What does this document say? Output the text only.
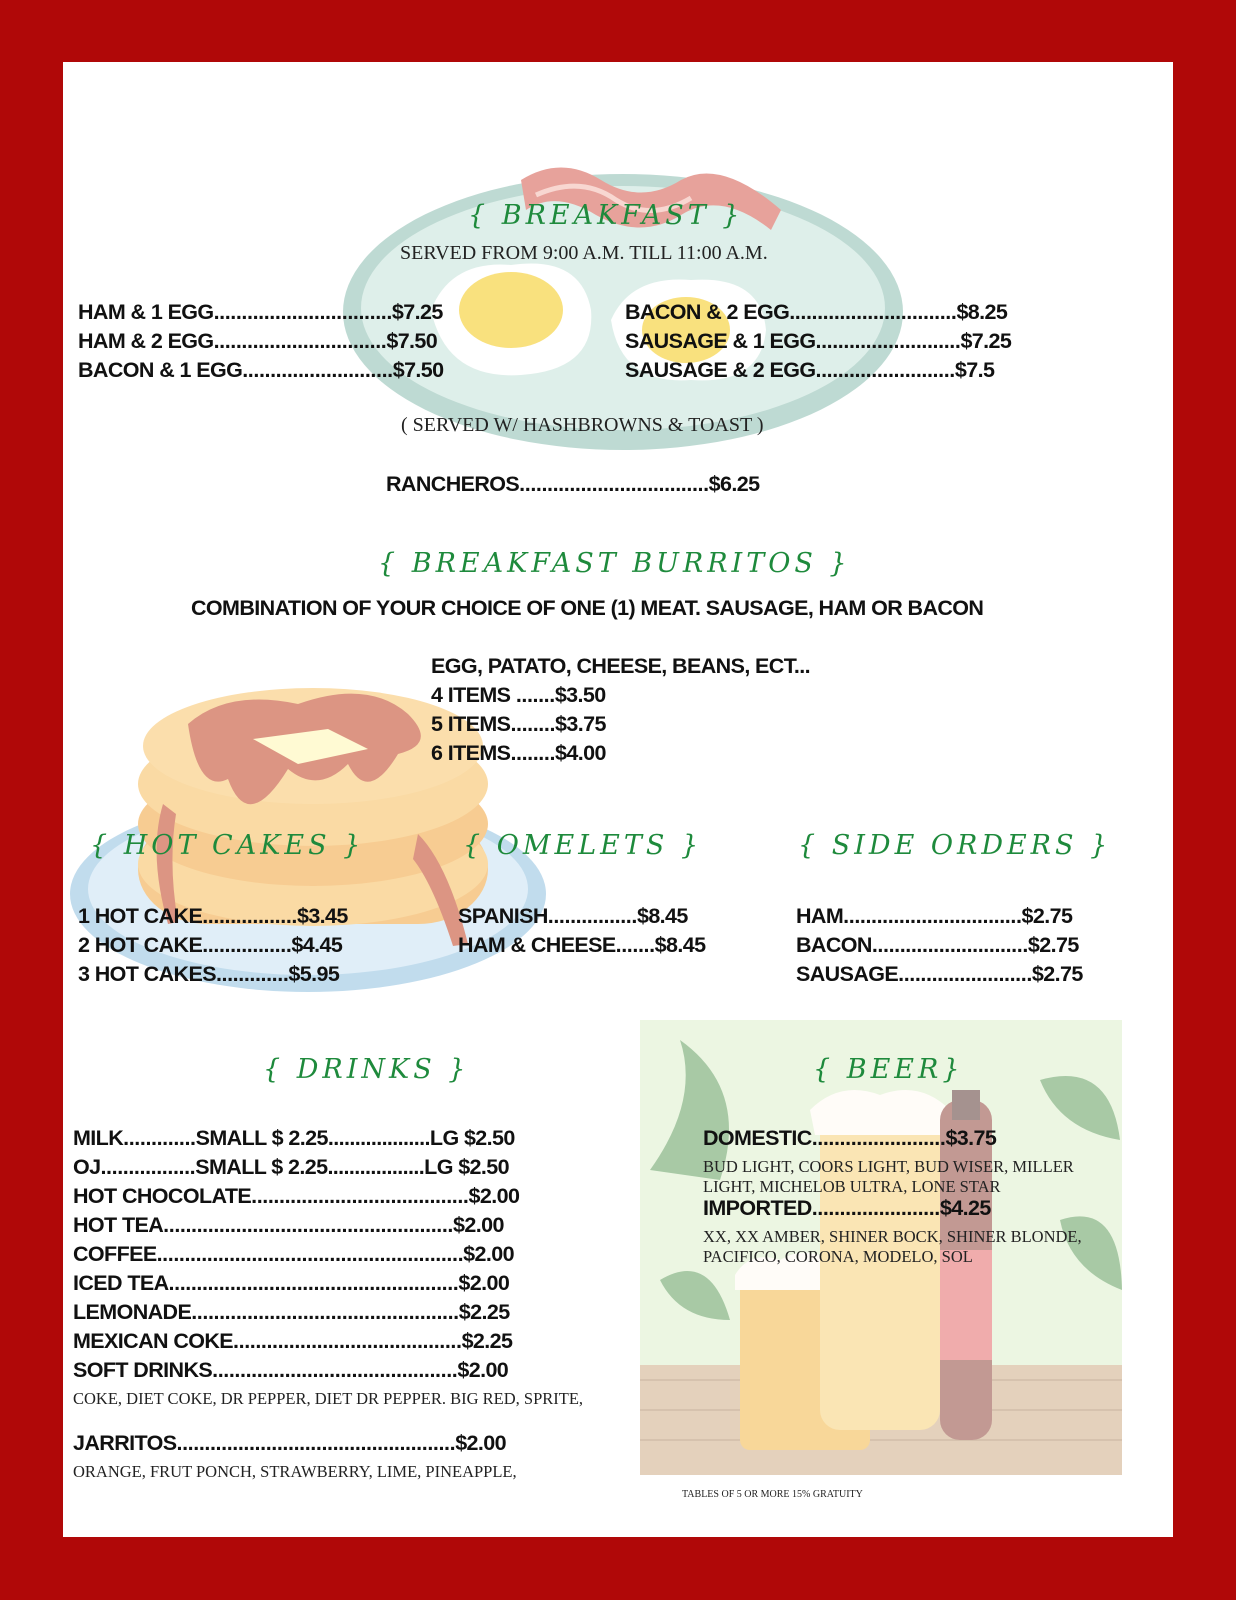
{ BREAKFAST }
SERVED FROM 9:00 A.M. TILL 11:00 A.M.
HAM & 1 EGG................................$7.25
HAM & 2 EGG...............................$7.50
BACON & 1 EGG...........................$7.50
BACON & 2 EGG..............................$8.25
SAUSAGE & 1 EGG..........................$7.25
SAUSAGE & 2 EGG.........................$7.5
( SERVED W/ HASHBROWNS & TOAST )
RANCHEROS..................................$6.25
{ BREAKFAST BURRITOS }
COMBINATION OF YOUR CHOICE OF ONE (1) MEAT. SAUSAGE, HAM OR BACON
EGG, PATATO, CHEESE, BEANS, ECT...
4 ITEMS .......$3.50
5 ITEMS........$3.75
6 ITEMS........$4.00
{ HOT CAKES }
1 HOT CAKE.................$3.45
2 HOT CAKE................$4.45
3 HOT CAKES.............$5.95
{ OMELETS }
SPANISH................$8.45
HAM & CHEESE.......$8.45
{ SIDE ORDERS }
HAM................................$2.75
BACON............................$2.75
SAUSAGE........................$2.75
{ DRINKS }
MILK.............SMALL $ 2.25...................LG $2.50
OJ.................SMALL $ 2.25..................LG $2.50
HOT CHOCOLATE.......................................$2.00
HOT TEA....................................................$2.00
COFFEE.......................................................$2.00
ICED TEA....................................................$2.00
LEMONADE................................................$2.25
MEXICAN COKE.........................................$2.25
SOFT DRINKS............................................$2.00
COKE, DIET COKE, DR PEPPER, DIET DR PEPPER. BIG RED, SPRITE,
JARRITOS..................................................$2.00
ORANGE, FRUT PONCH, STRAWBERRY, LIME, PINEAPPLE,
{ BEER}
DOMESTIC........................$3.75
BUD LIGHT, COORS LIGHT, BUD WISER, MILLER LIGHT, MICHELOB ULTRA, LONE STAR
IMPORTED.......................$4.25
XX, XX AMBER, SHINER BOCK, SHINER BLONDE, PACIFICO, CORONA, MODELO, SOL
TABLES OF 5 OR MORE 15% GRATUITY
